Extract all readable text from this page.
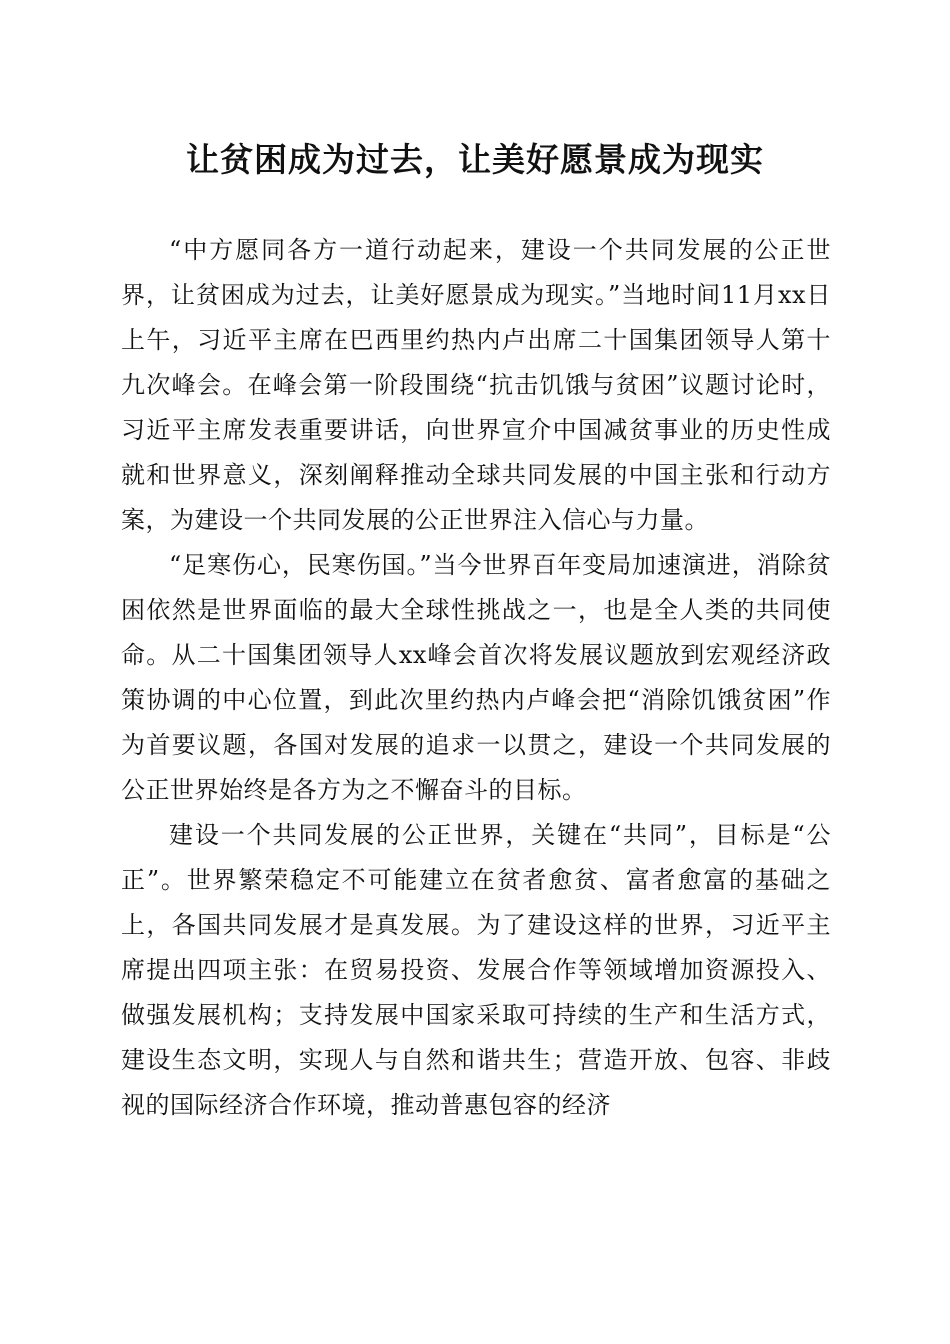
让贫困成为过去，让美好愿景成为现实

“中方愿同各方一道行动起来，建设一个共同发展的公正世界，让贫困成为过去，让美好愿景成为现实。”当地时间11月xx日上午，习近平主席在巴西里约热内卢出席二十国集团领导人第十九次峰会。在峰会第一阶段围绕“抗击饥饿与贫困”议题讨论时，习近平主席发表重要讲话，向世界宣介中国减贫事业的历史性成就和世界意义，深刻阐释推动全球共同发展的中国主张和行动方案，为建设一个共同发展的公正世界注入信心与力量。

“足寒伤心，民寒伤国。”当今世界百年变局加速演进，消除贫困依然是世界面临的最大全球性挑战之一，也是全人类的共同使命。从二十国集团领导人xx峰会首次将发展议题放到宏观经济政策协调的中心位置，到此次里约热内卢峰会把“消除饥饿贫困”作为首要议题，各国对发展的追求一以贯之，建设一个共同发展的公正世界始终是各方为之不懈奋斗的目标。

建设一个共同发展的公正世界，关键在“共同”，目标是“公正”。世界繁荣稳定不可能建立在贫者愈贫、富者愈富的基础之上，各国共同发展才是真发展。为了建设这样的世界，习近平主席提出四项主张：在贸易投资、发展合作等领域增加资源投入、做强发展机构；支持发展中国家采取可持续的生产和生活方式，建设生态文明，实现人与自然和谐共生；营造开放、包容、非歧视的国际经济合作环境，推动普惠包容的经济
